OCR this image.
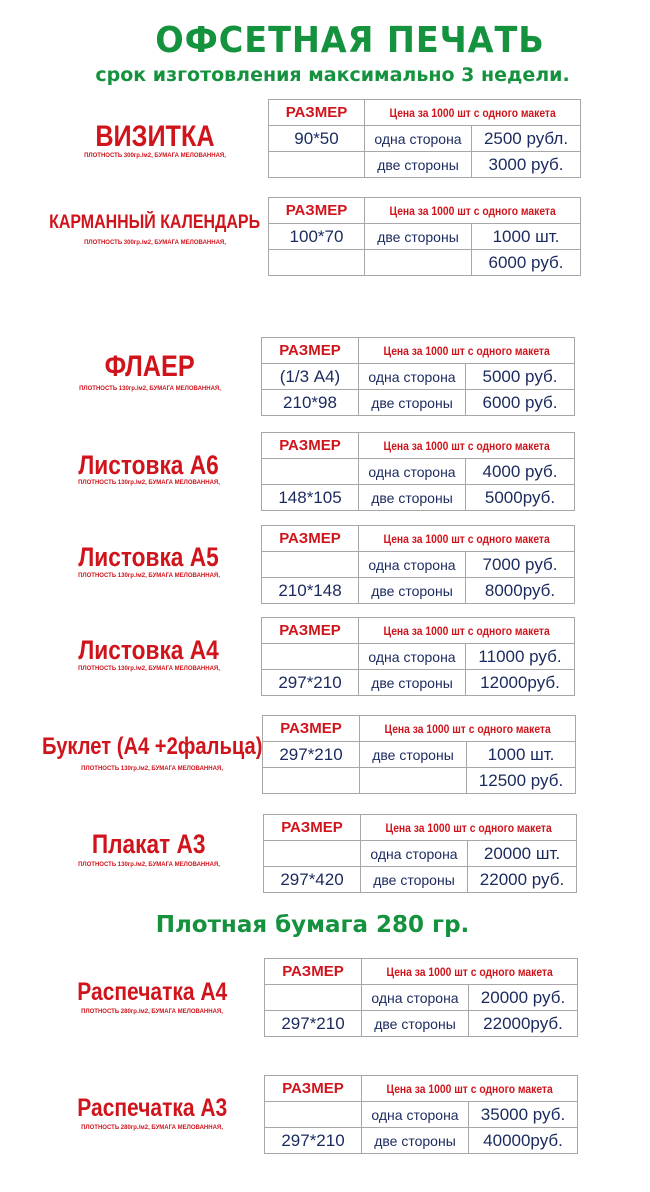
ОФСЕТНАЯ ПЕЧАТЬ
срок изготовления максимально 3 недели.
Плотная бумага 280 гр.
ВИЗИТКА
ПЛОТНОСТЬ 300гр./м2, БУМАГА МЕЛОВАННАЯ,
РАЗМЕР	Цена за 1000 шт с одного макета	
90*50	одна сторона	2500 рубл.
	две стороны	3000 руб.
КАРМАННЫЙ КАЛЕНДАРЬ
ПЛОТНОСТЬ 300гр./м2, БУМАГА МЕЛОВАННАЯ,
РАЗМЕР	Цена за 1000 шт с одного макета	
100*70	две стороны	1000 шт.
		6000 руб.
ФЛАЕР
ПЛОТНОСТЬ 130гр./м2, БУМАГА МЕЛОВАННАЯ,
РАЗМЕР	Цена за 1000 шт с одного макета	
(1/3 А4)	одна сторона	5000 руб.
210*98	две стороны	6000 руб.
Листовка А6
ПЛОТНОСТЬ 130гр./м2, БУМАГА МЕЛОВАННАЯ,
РАЗМЕР	Цена за 1000 шт с одного макета	
	одна сторона	4000 руб.
148*105	две стороны	5000руб.
Листовка А5
ПЛОТНОСТЬ 130гр./м2, БУМАГА МЕЛОВАННАЯ,
РАЗМЕР	Цена за 1000 шт с одного макета	
	одна сторона	7000 руб.
210*148	две стороны	8000руб.
Листовка А4
ПЛОТНОСТЬ 130гр./м2, БУМАГА МЕЛОВАННАЯ,
РАЗМЕР	Цена за 1000 шт с одного макета	
	одна сторона	11000 руб.
297*210	две стороны	12000руб.
Буклет (А4 +2фальца)
ПЛОТНОСТЬ 130гр./м2, БУМАГА МЕЛОВАННАЯ,
РАЗМЕР	Цена за 1000 шт с одного макета	
297*210	две стороны	1000 шт.
		12500 руб.
Плакат А3
ПЛОТНОСТЬ 130гр./м2, БУМАГА МЕЛОВАННАЯ,
РАЗМЕР	Цена за 1000 шт с одного макета	
	одна сторона	20000 шт.
297*420	две стороны	22000 руб.
Распечатка А4
ПЛОТНОСТЬ 280гр./м2, БУМАГА МЕЛОВАННАЯ,
РАЗМЕР	Цена за 1000 шт с одного макета	
	одна сторона	20000 руб.
297*210	две стороны	22000руб.
Распечатка А3
ПЛОТНОСТЬ 280гр./м2, БУМАГА МЕЛОВАННАЯ,
РАЗМЕР	Цена за 1000 шт с одного макета	
	одна сторона	35000 руб.
297*210	две стороны	40000руб.
